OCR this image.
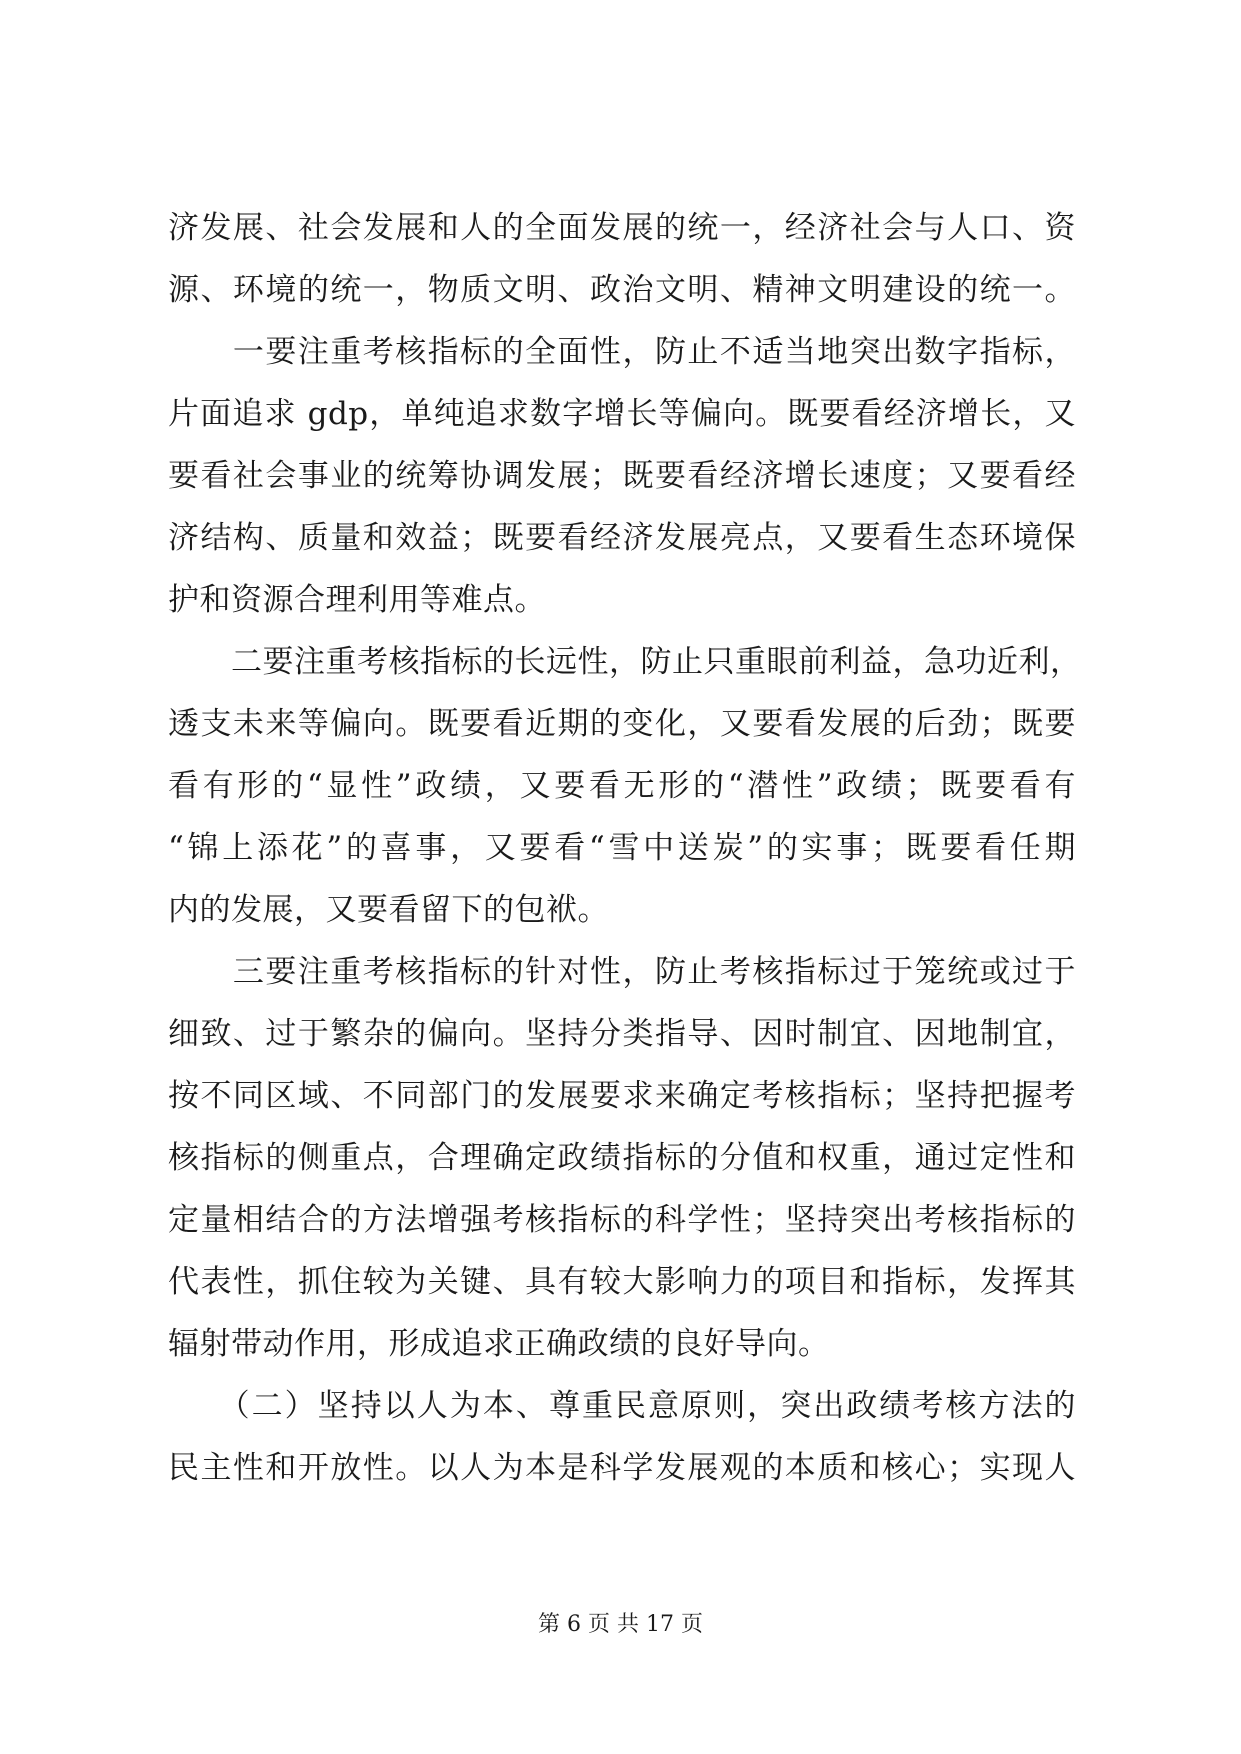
济发展、社会发展和人的全面发展的统一，经济社会与人口、资
源、环境的统一，物质文明、政治文明、精神文明建设的统一。
　　一要注重考核指标的全面性，防止不适当地突出数字指标，
片面追求 gdp，单纯追求数字增长等偏向。既要看经济增长，又
要看社会事业的统筹协调发展；既要看经济增长速度；又要看经
济结构、质量和效益；既要看经济发展亮点，又要看生态环境保
护和资源合理利用等难点。
　　二要注重考核指标的长远性，防止只重眼前利益，急功近利，
透支未来等偏向。既要看近期的变化，又要看发展的后劲；既要
看有形的“显性”政绩，又要看无形的“潜性”政绩；既要看有
“锦上添花”的喜事，又要看“雪中送炭”的实事；既要看任期
内的发展，又要看留下的包袱。
　　三要注重考核指标的针对性，防止考核指标过于笼统或过于
细致、过于繁杂的偏向。坚持分类指导、因时制宜、因地制宜，
按不同区域、不同部门的发展要求来确定考核指标；坚持把握考
核指标的侧重点，合理确定政绩指标的分值和权重，通过定性和
定量相结合的方法增强考核指标的科学性；坚持突出考核指标的
代表性，抓住较为关键、具有较大影响力的项目和指标，发挥其
辐射带动作用，形成追求正确政绩的良好导向。
　　（二）坚持以人为本、尊重民意原则，突出政绩考核方法的
民主性和开放性。以人为本是科学发展观的本质和核心；实现人
第 6 页 共 17 页
